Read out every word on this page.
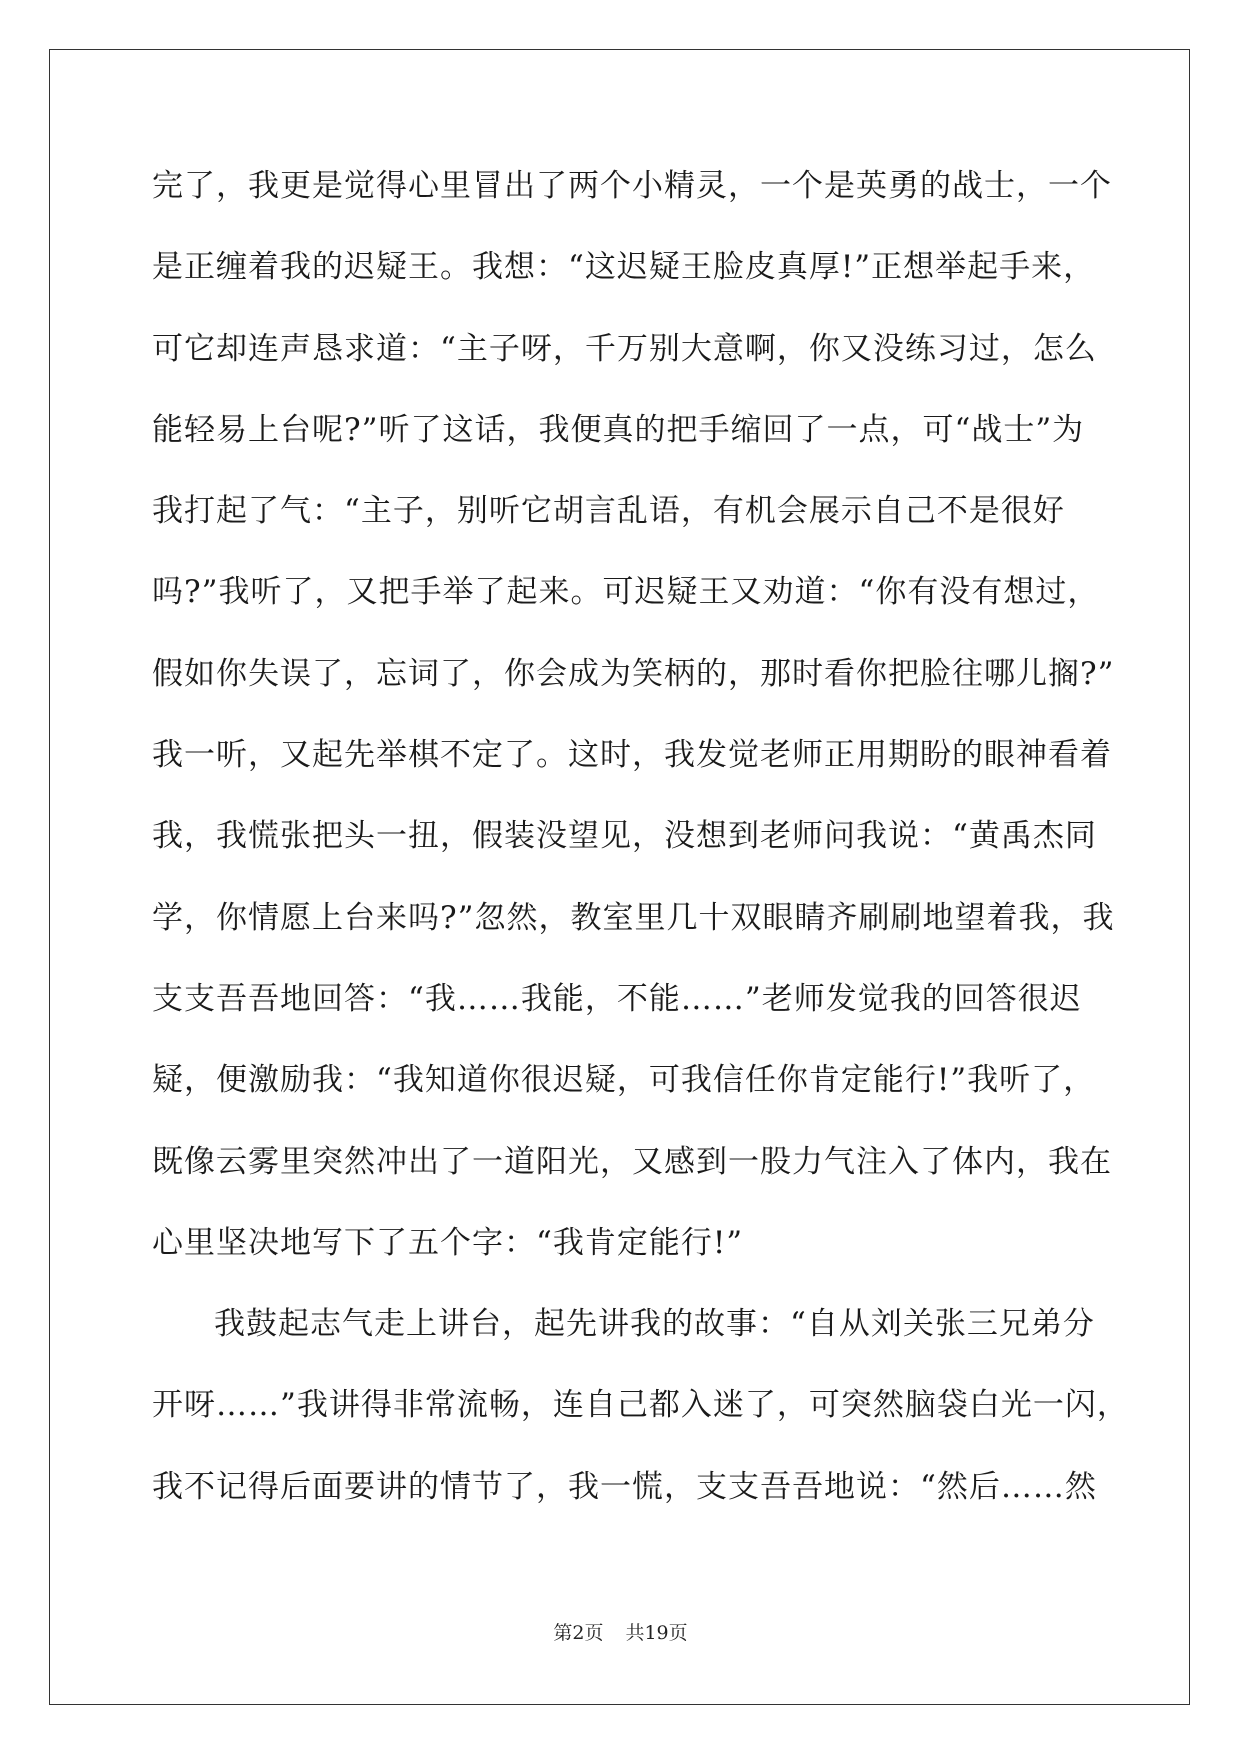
完了，我更是觉得心里冒出了两个小精灵，一个是英勇的战士，一个
是正缠着我的迟疑王。我想：“这迟疑王脸皮真厚!”正想举起手来，
可它却连声恳求道：“主子呀，千万别大意啊，你又没练习过，怎么
能轻易上台呢?”听了这话，我便真的把手缩回了一点，可“战士”为
我打起了气：“主子，别听它胡言乱语，有机会展示自己不是很好
吗?”我听了，又把手举了起来。可迟疑王又劝道：“你有没有想过，
假如你失误了，忘词了，你会成为笑柄的，那时看你把脸往哪儿搁?”
我一听，又起先举棋不定了。这时，我发觉老师正用期盼的眼神看着
我，我慌张把头一扭，假装没望见，没想到老师问我说：“黄禹杰同
学，你情愿上台来吗?”忽然，教室里几十双眼睛齐刷刷地望着我，我
支支吾吾地回答：“我……我能，不能……”老师发觉我的回答很迟
疑，便激励我：“我知道你很迟疑，可我信任你肯定能行!”我听了，
既像云雾里突然冲出了一道阳光，又感到一股力气注入了体内，我在
心里坚决地写下了五个字：“我肯定能行!”
我鼓起志气走上讲台，起先讲我的故事：“自从刘关张三兄弟分
开呀……”我讲得非常流畅，连自己都入迷了，可突然脑袋白光一闪，
我不记得后面要讲的情节了，我一慌，支支吾吾地说：“然后……然
第2页 共19页
